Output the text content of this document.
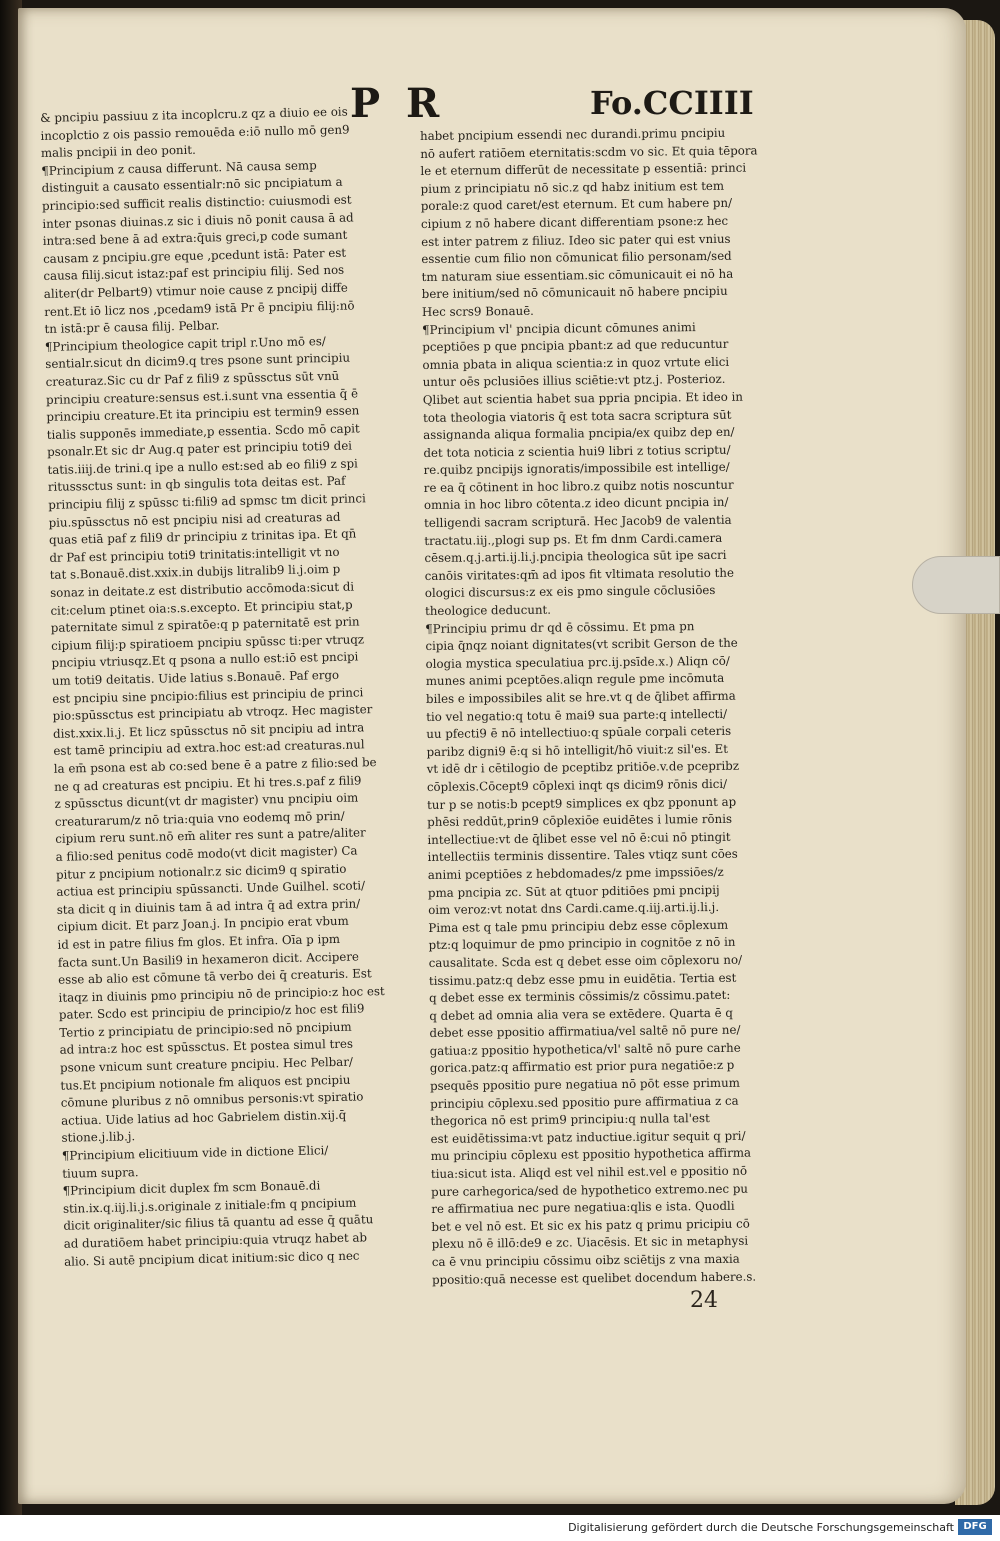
P R	Fo.CCIIII
& pncipiu passiuu z ita incoplcru.z qz a diuio ee ois
incoplctio z ois passio remouēda e:iō nullo mō gen9
malis pncipii in deo ponit.
¶Principium z causa differunt. Nā causa semp
distinguit a causato essentialr:nō sic pncipiatum a
principio:sed sufficit realis distinctio: cuiusmodi est
inter psonas diuinas.z sic i diuis nō ponit causa ā ad
intra:sed bene ā ad extra:q̄uis greci,p code sumant
causam z pncipiu.gre eque ,pcedunt istā: Pater est
causa filij.sicut istaz:paf est principiu filij. Sed nos
aliter(dr Pelbart9) vtimur noie cause z pncipij diffe
rent.Et iō licz nos ,pcedam9 istā Pr ē pncipiu filij:nō
tn istā:pr ē causa filij. Pelbar.
¶Principium theologice capit tripl r.Uno mō es/
sentialr.sicut dn dicim9.q tres psone sunt principiu
creaturaz.Sic cu dr Paf z fili9 z spūssctus sūt vnū
principiu creature:sensus est.i.sunt vna essentia q̄ ē
principiu creature.Et ita principiu est termin9 essen
tialis supponēs immediate,p essentia. Scdo mō capit
psonalr.Et sic dr Aug.q pater est principiu toti9 dei
tatis.iiij.de trini.q ipe a nullo est:sed ab eo fili9 z spi
ritusssctus sunt: in qb singulis tota deitas est. Paf
principiu filij z spūssc ti:fili9 ad spmsc tm dicit princi
piu.spūssctus nō est pncipiu nisi ad creaturas ad
quas etiā paf z fili9 dr principiu z trinitas ipa. Et qn̄
dr Paf est principiu toti9 trinitatis:intelligit vt no
tat s.Bonauē.dist.xxix.in dubijs litralib9 li.j.oim p
sonaz in deitate.z est distributio accōmoda:sicut di
cit:celum ptinet oia:s.s.excepto. Et principiu stat,p
paternitate simul z spiratōe:q p paternitatē est prin
cipium filij:p spiratioem pncipiu spūssc ti:per vtruqz
pncipiu vtriusqz.Et q psona a nullo est:iō est pncipi
um toti9 deitatis. Uide latius s.Bonauē. Paf ergo
est pncipiu sine pncipio:filius est principiu de princi
pio:spūssctus est principiatu ab vtroqz. Hec magister
dist.xxix.li.j. Et licz spūssctus nō sit pncipiu ad intra
est tamē principiu ad extra.hoc est:ad creaturas.nul
la em̄ psona est ab co:sed bene ē a patre z filio:sed be
ne q ad creaturas est pncipiu. Et hi tres.s.paf z fili9
z spūssctus dicunt(vt dr magister) vnu pncipiu oim
creaturarum/z nō tria:quia vno eodemq mō prin/
cipium reru sunt.nō em̄ aliter res sunt a patre/aliter
a filio:sed penitus codē modo(vt dicit magister) Ca
pitur z pncipium notionalr.z sic dicim9 q spiratio
actiua est principiu spūssancti. Unde Guilhel. scoti/
sta dicit q in diuinis tam ā ad intra q̄ ad extra prin/
cipium dicit. Et parz Joan.j. In pncipio erat vbum
id est in patre filius fm glos. Et infra. Oīa p ipm
facta sunt.Un Basili9 in hexameron dicit. Accipere
esse ab alio est cōmune tā verbo dei q̄ creaturis. Est
itaqz in diuinis pmo principiu nō de principio:z hoc est
pater. Scdo est principiu de principio/z hoc est fili9
Tertio z principiatu de principio:sed nō pncipium
ad intra:z hoc est spūssctus. Et postea simul tres
psone vnicum sunt creature pncipiu. Hec Pelbar/
tus.Et pncipium notionale fm aliquos est pncipiu
cōmune pluribus z nō omnibus personis:vt spiratio
actiua. Uide latius ad hoc Gabrielem distin.xij.q̄
stione.j.lib.j.
¶Principium elicitiuum vide in dictione Elici/
tiuum supra.
¶Principium dicit duplex fm scm Bonauē.di
stin.ix.q.iij.li.j.s.originale z initiale:fm q pncipium
dicit originaliter/sic filius tā quantu ad esse q̄ quātu
ad duratiōem habet principiu:quia vtruqz habet ab
alio. Si autē pncipium dicat initium:sic dico q nec
habet pncipium essendi nec durandi.primu pncipiu
nō aufert ratiōem eternitatis:scdm vo sic. Et quia tēpora
le et eternum differūt de necessitate p essentiā: princi
pium z principiatu nō sic.z qd habz initium est tem
porale:z quod caret/est eternum. Et cum habere pn/
cipium z nō habere dicant differentiam psone:z hec
est inter patrem z filiuz. Ideo sic pater qui est vnius
essentie cum filio non cōmunicat filio personam/sed
tm naturam siue essentiam.sic cōmunicauit ei nō ha
bere initium/sed nō cōmunicauit nō habere pncipiu
Hec scrs9 Bonauē.
¶Principium vl' pncipia dicunt cōmunes animi
pceptiōes p que pncipia pbant:z ad que reducuntur
omnia pbata in aliqua scientia:z in quoz vrtute elici
untur oēs pclusiōes illius sciētie:vt ptz.j. Posterioz.
Qlibet aut scientia habet sua ppria pncipia. Et ideo in
tota theologia viatoris q̄ est tota sacra scriptura sūt
assignanda aliqua formalia pncipia/ex quibz dep en/
det tota noticia z scientia hui9 libri z totius scriptu/
re.quibz pncipijs ignoratis/impossibile est intellige/
re ea q̄ cōtinent in hoc libro.z quibz notis noscuntur
omnia in hoc libro cōtenta.z ideo dicunt pncipia in/
telligendi sacram scripturā. Hec Jacob9 de valentia
tractatu.iij.,plogi sup ps. Et fm dnm Cardi.camera
cēsem.q.j.arti.ij.li.j.pncipia theologica sūt ipe sacri
canōis viritates:qm̄ ad ipos fit vltimata resolutio the
ologici discursus:z ex eis pmo singule cōclusiōes
theologice deducunt.
¶Principiu primu dr qd ē cōssimu. Et pma pn
cipia q̄nqz noiant dignitates(vt scribit Gerson de the
ologia mystica speculatiua prc.ij.psīde.x.) Aliqn cō/
munes animi pceptōes.aliqn regule pme incōmuta
biles e impossibiles alit se hre.vt q de q̄libet affirma
tio vel negatio:q totu ē mai9 sua parte:q intellecti/
uu pfecti9 ē nō intellectiuo:q spūale corpali ceteris
paribz digni9 ē:q si hō intelligit/hō viuit:z sil'es. Et
vt idē dr i cētilogio de pceptibz pritiōe.v.de pcepribz
cōplexis.Cōcept9 cōplexi inqt qs dicim9 rōnis dici/
tur p se notis:b pcept9 simplices ex qbz pponunt ap
phēsi reddūt,prin9 cōplexiōe euidētes i lumie rōnis
intellectiue:vt de q̄libet esse vel nō ē:cui nō ptingit
intellectiis terminis dissentire. Tales vtiqz sunt cōes
animi pceptiōes z hebdomades/z pme impssiōes/z
pma pncipia zc. Sūt at qtuor pditiōes pmi pncipij
oim veroz:vt notat dns Cardi.came.q.iij.arti.ij.li.j.
Pima est q tale pmu principiu debz esse cōplexum
ptz:q loquimur de pmo principio in cognitōe z nō in
causalitate. Scda est q debet esse oim cōplexoru no/
tissimu.patz:q debz esse pmu in euidētia. Tertia est
q debet esse ex terminis cōssimis/z cōssimu.patet:
q debet ad omnia alia vera se extēdere. Quarta ē q
debet esse ppositio affirmatiua/vel saltē nō pure ne/
gatiua:z ppositio hypothetica/vl' saltē nō pure carhe
gorica.patz:q affirmatio est prior pura negatiōe:z p
psequēs ppositio pure negatiua nō pōt esse primum
principiu cōplexu.sed ppositio pure affirmatiua z ca
thegorica nō est prim9 principiu:q nulla tal'est
est euidētissima:vt patz inductiue.igitur sequit q pri/
mu principiu cōplexu est ppositio hypothetica affirma
tiua:sicut ista. Aliqd est vel nihil est.vel e ppositio nō
pure carhegorica/sed de hypothetico extremo.nec pu
re affirmatiua nec pure negatiua:qlis e ista. Quodli
bet e vel nō est. Et sic ex his patz q primu pricipiu cō
plexu nō ē illō:de9 e zc. Uiacēsis. Et sic in metaphysi
ca ē vnu principiu cōssimu oibz sciētijs z vna maxia
ppositio:quā necesse est quelibet docendum habere.s.
24
Digitalisierung gefördert durch die Deutsche Forschungsgemeinschaft DFG
